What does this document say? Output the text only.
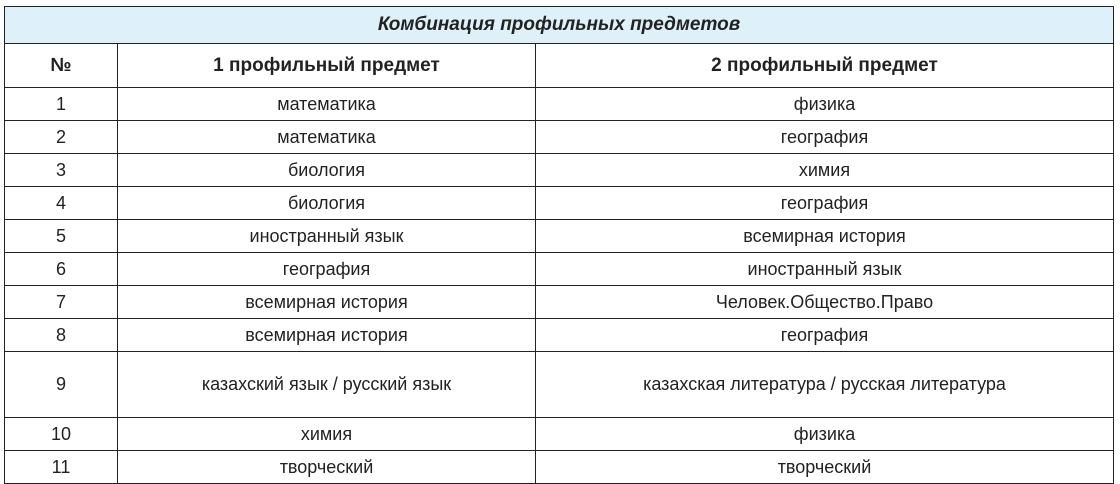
Комбинация профильных предметов		
№	1 профильный предмет	2 профильный предмет
1	математика	физика
2	математика	география
3	биология	химия
4	биология	география
5	иностранный язык	всемирная история
6	география	иностранный язык
7	всемирная история	Человек.Общество.Право
8	всемирная история	география
9	казахский язык / русский язык	казахская литература / русская литература
10	химия	физика
11	творческий	творческий
